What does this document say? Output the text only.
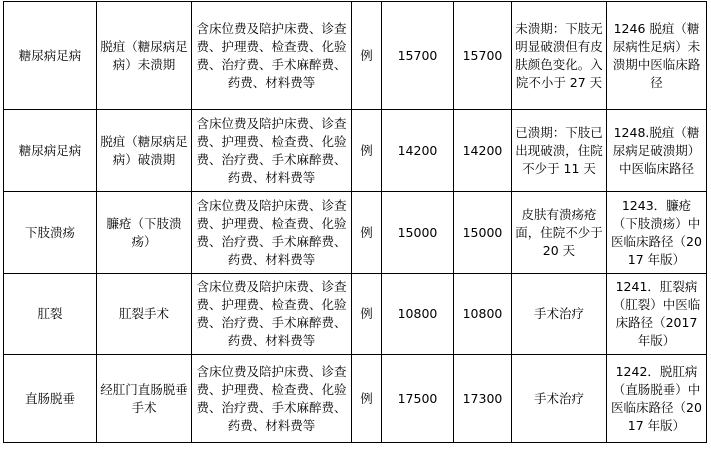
糖尿病足病	脱疽（糖尿病足病）未溃期	含床位费及陪护床费、诊查费、护理费、检查费、化验费、治疗费、手术麻醉费、药费、材料费等	例	15700	15700	未溃期：下肢无明显破溃但有皮肤颜色变化。入院不小于 27 天	1246 脱疽（糖尿病性足病）未溃期中医临床路径
糖尿病足病	脱疽（糖尿病足病）破溃期	含床位费及陪护床费、诊查费、护理费、检查费、化验费、治疗费、手术麻醉费、药费、材料费等	例	14200	14200	已溃期：下肢已出现破溃，住院不少于 11 天	1248.脱疽（糖尿病足破溃期）中医临床路径
下肢溃疡	臁疮（下肢溃疡）	含床位费及陪护床费、诊查费、护理费、检查费、化验费、治疗费、手术麻醉费、药费、材料费等	例	15000	15000	皮肤有溃疡疮面，住院不少于 20 天	1243．臁疮（下肢溃疡）中医临床路径（2017 年版）
肛裂	肛裂手术	含床位费及陪护床费、诊查费、护理费、检查费、化验费、治疗费、手术麻醉费、药费、材料费等	例	10800	10800	手术治疗	1241．肛裂病（肛裂）中医临床路径（2017 年版）
直肠脱垂	经肛门直肠脱垂手术	含床位费及陪护床费、诊查费、护理费、检查费、化验费、治疗费、手术麻醉费、药费、材料费等	例	17500	17300	手术治疗	1242．脱肛病（直肠脱垂）中医临床路径（2017 年版）
